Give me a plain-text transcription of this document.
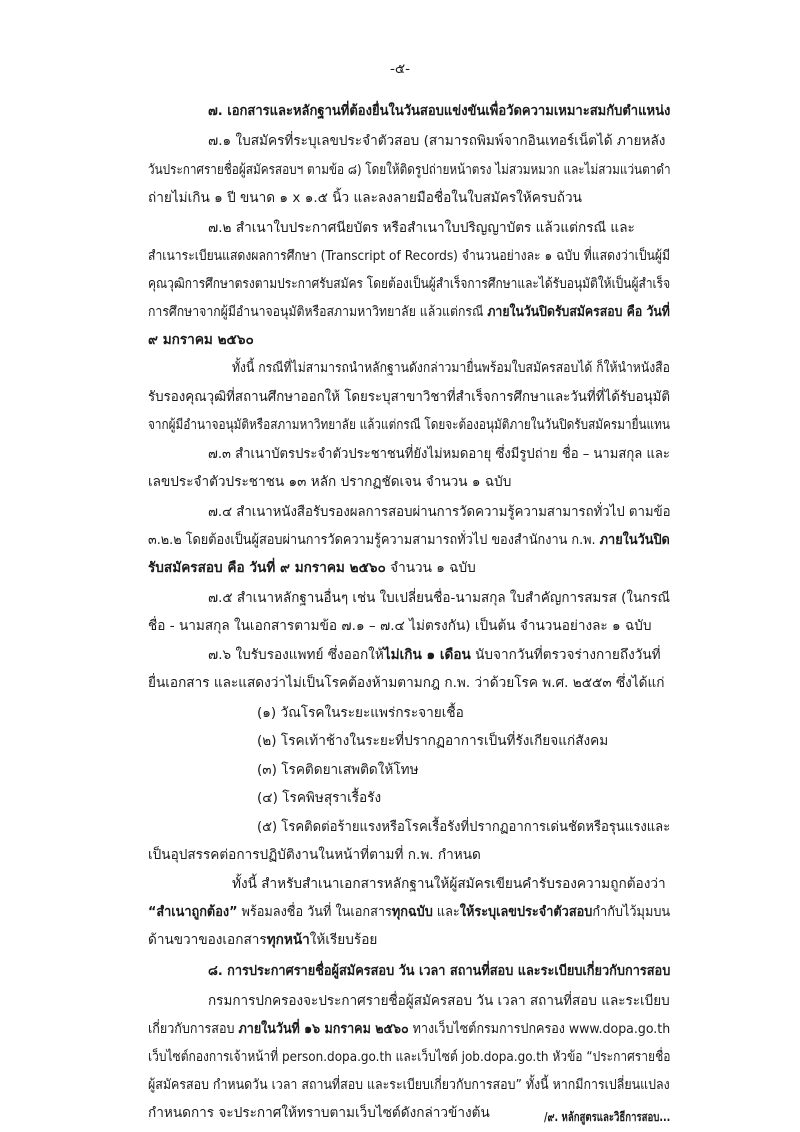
-๕-
๗. เอกสารและหลักฐานที่ต้องยื่นในวันสอบแข่งขันเพื่อวัดความเหมาะสมกับตำแหน่ง
๗.๑ ใบสมัครที่ระบุเลขประจำตัวสอบ (สามารถพิมพ์จากอินเทอร์เน็ตได้ ภายหลัง
วันประกาศรายชื่อผู้สมัครสอบฯ ตามข้อ ๘) โดยให้ติดรูปถ่ายหน้าตรง ไม่สวมหมวก และไม่สวมแว่นตาดำ
ถ่ายไม่เกิน ๑ ปี ขนาด ๑ x ๑.๕ นิ้ว และลงลายมือชื่อในใบสมัครให้ครบถ้วน
๗.๒ สำเนาใบประกาศนียบัตร หรือสำเนาใบปริญญาบัตร แล้วแต่กรณี และ
สำเนาระเบียนแสดงผลการศึกษา (Transcript of Records) จำนวนอย่างละ ๑ ฉบับ ที่แสดงว่าเป็นผู้มี
คุณวุฒิการศึกษาตรงตามประกาศรับสมัคร โดยต้องเป็นผู้สำเร็จการศึกษาและได้รับอนุมัติให้เป็นผู้สำเร็จ
การศึกษาจากผู้มีอำนาจอนุมัติหรือสภามหาวิทยาลัย แล้วแต่กรณี ภายในวันปิดรับสมัครสอบ คือ วันที่
๙ มกราคม ๒๕๖๐
ทั้งนี้ กรณีที่ไม่สามารถนำหลักฐานดังกล่าวมายื่นพร้อมใบสมัครสอบได้ ก็ให้นำหนังสือ
รับรองคุณวุฒิที่สถานศึกษาออกให้ โดยระบุสาขาวิชาที่สำเร็จการศึกษาและวันที่ที่ได้รับอนุมัติ
จากผู้มีอำนาจอนุมัติหรือสภามหาวิทยาลัย แล้วแต่กรณี โดยจะต้องอนุมัติภายในวันปิดรับสมัครมายื่นแทน
๗.๓ สำเนาบัตรประจำตัวประชาชนที่ยังไม่หมดอายุ ซึ่งมีรูปถ่าย ชื่อ – นามสกุล และ
เลขประจำตัวประชาชน ๑๓ หลัก ปรากฏชัดเจน จำนวน ๑ ฉบับ
๗.๔ สำเนาหนังสือรับรองผลการสอบผ่านการวัดความรู้ความสามารถทั่วไป ตามข้อ
๓.๒.๒ โดยต้องเป็นผู้สอบผ่านการวัดความรู้ความสามารถทั่วไป ของสำนักงาน ก.พ. ภายในวันปิด
รับสมัครสอบ คือ วันที่ ๙ มกราคม ๒๕๖๐ จำนวน ๑ ฉบับ
๗.๕ สำเนาหลักฐานอื่นๆ เช่น ใบเปลี่ยนชื่อ-นามสกุล ใบสำคัญการสมรส (ในกรณี
ชื่อ - นามสกุล ในเอกสารตามข้อ ๗.๑ – ๗.๔ ไม่ตรงกัน) เป็นต้น จำนวนอย่างละ ๑ ฉบับ
๗.๖ ใบรับรองแพทย์ ซึ่งออกให้ไม่เกิน ๑ เดือน นับจากวันที่ตรวจร่างกายถึงวันที่
ยื่นเอกสาร และแสดงว่าไม่เป็นโรคต้องห้ามตามกฎ ก.พ. ว่าด้วยโรค พ.ศ. ๒๕๕๓ ซึ่งได้แก่
(๑) วัณโรคในระยะแพร่กระจายเชื้อ
(๒) โรคเท้าช้างในระยะที่ปรากฏอาการเป็นที่รังเกียจแก่สังคม
(๓) โรคติดยาเสพติดให้โทษ
(๔) โรคพิษสุราเรื้อรัง
(๕) โรคติดต่อร้ายแรงหรือโรคเรื้อรังที่ปรากฏอาการเด่นชัดหรือรุนแรงและ
เป็นอุปสรรคต่อการปฏิบัติงานในหน้าที่ตามที่ ก.พ. กำหนด
ทั้งนี้ สำหรับสำเนาเอกสารหลักฐานให้ผู้สมัครเขียนคำรับรองความถูกต้องว่า
“สำเนาถูกต้อง” พร้อมลงชื่อ วันที่ ในเอกสารทุกฉบับ และให้ระบุเลขประจำตัวสอบกำกับไว้มุมบน
ด้านขวาของเอกสารทุกหน้าให้เรียบร้อย
๘. การประกาศรายชื่อผู้สมัครสอบ วัน เวลา สถานที่สอบ และระเบียบเกี่ยวกับการสอบ
กรมการปกครองจะประกาศรายชื่อผู้สมัครสอบ วัน เวลา สถานที่สอบ และระเบียบ
เกี่ยวกับการสอบ ภายในวันที่ ๑๖ มกราคม ๒๕๖๐ ทางเว็บไซต์กรมการปกครอง www.dopa.go.th
เว็บไซต์กองการเจ้าหน้าที่ person.dopa.go.th และเว็บไซต์ job.dopa.go.th หัวข้อ “ประกาศรายชื่อ
ผู้สมัครสอบ กำหนดวัน เวลา สถานที่สอบ และระเบียบเกี่ยวกับการสอบ” ทั้งนี้ หากมีการเปลี่ยนแปลง
กำหนดการ จะประกาศให้ทราบตามเว็บไซต์ดังกล่าวข้างต้น	/๙. หลักสูตรและวิธีการสอบ...
